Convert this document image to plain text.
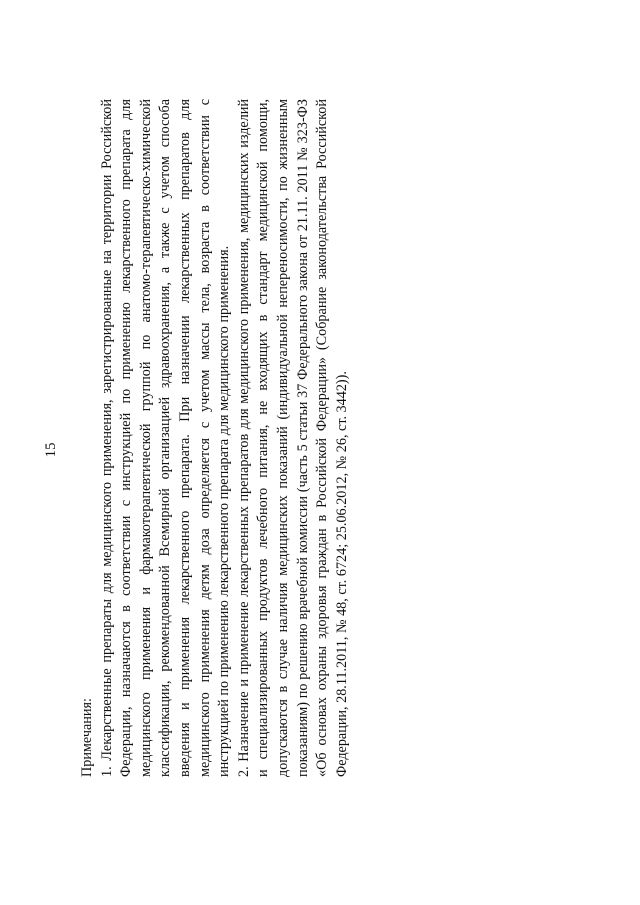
15

Примечания: 1. Лекарственные препараты для медицинского применения, зарегистрированные на территории Российской Федерации, назначаются в соответствии с инструкцией по применению лекарственного препарата для медицинского применения и фармакотерапевтической группой по анатомо-терапевтическо-химической классификации, рекомендованной Всемирной организацией здравоохранения, а также с учетом способа введения и применения лекарственного препарата. При назначении лекарственных препаратов для медицинского применения детям доза определяется с учетом массы тела, возраста в соответствии с инструкцией по применению лекарственного препарата для медицинского применения. 2. Назначение и применение лекарственных препаратов для медицинского применения, медицинских изделий и специализированных продуктов лечебного питания, не входящих в стандарт медицинской помощи, допускаются в случае наличия медицинских показаний (индивидуальной непереносимости, по жизненным показаниям) по решению врачебной комиссии (часть 5 статьи 37 Федерального закона от 21.11. 2011 № 323-ФЗ «Об основах охраны здоровья граждан в Российской Федерации» (Собрание законодательства Российской Федерации, 28.11.2011, № 48, ст. 6724; 25.06.2012, № 26, ст. 3442)).
